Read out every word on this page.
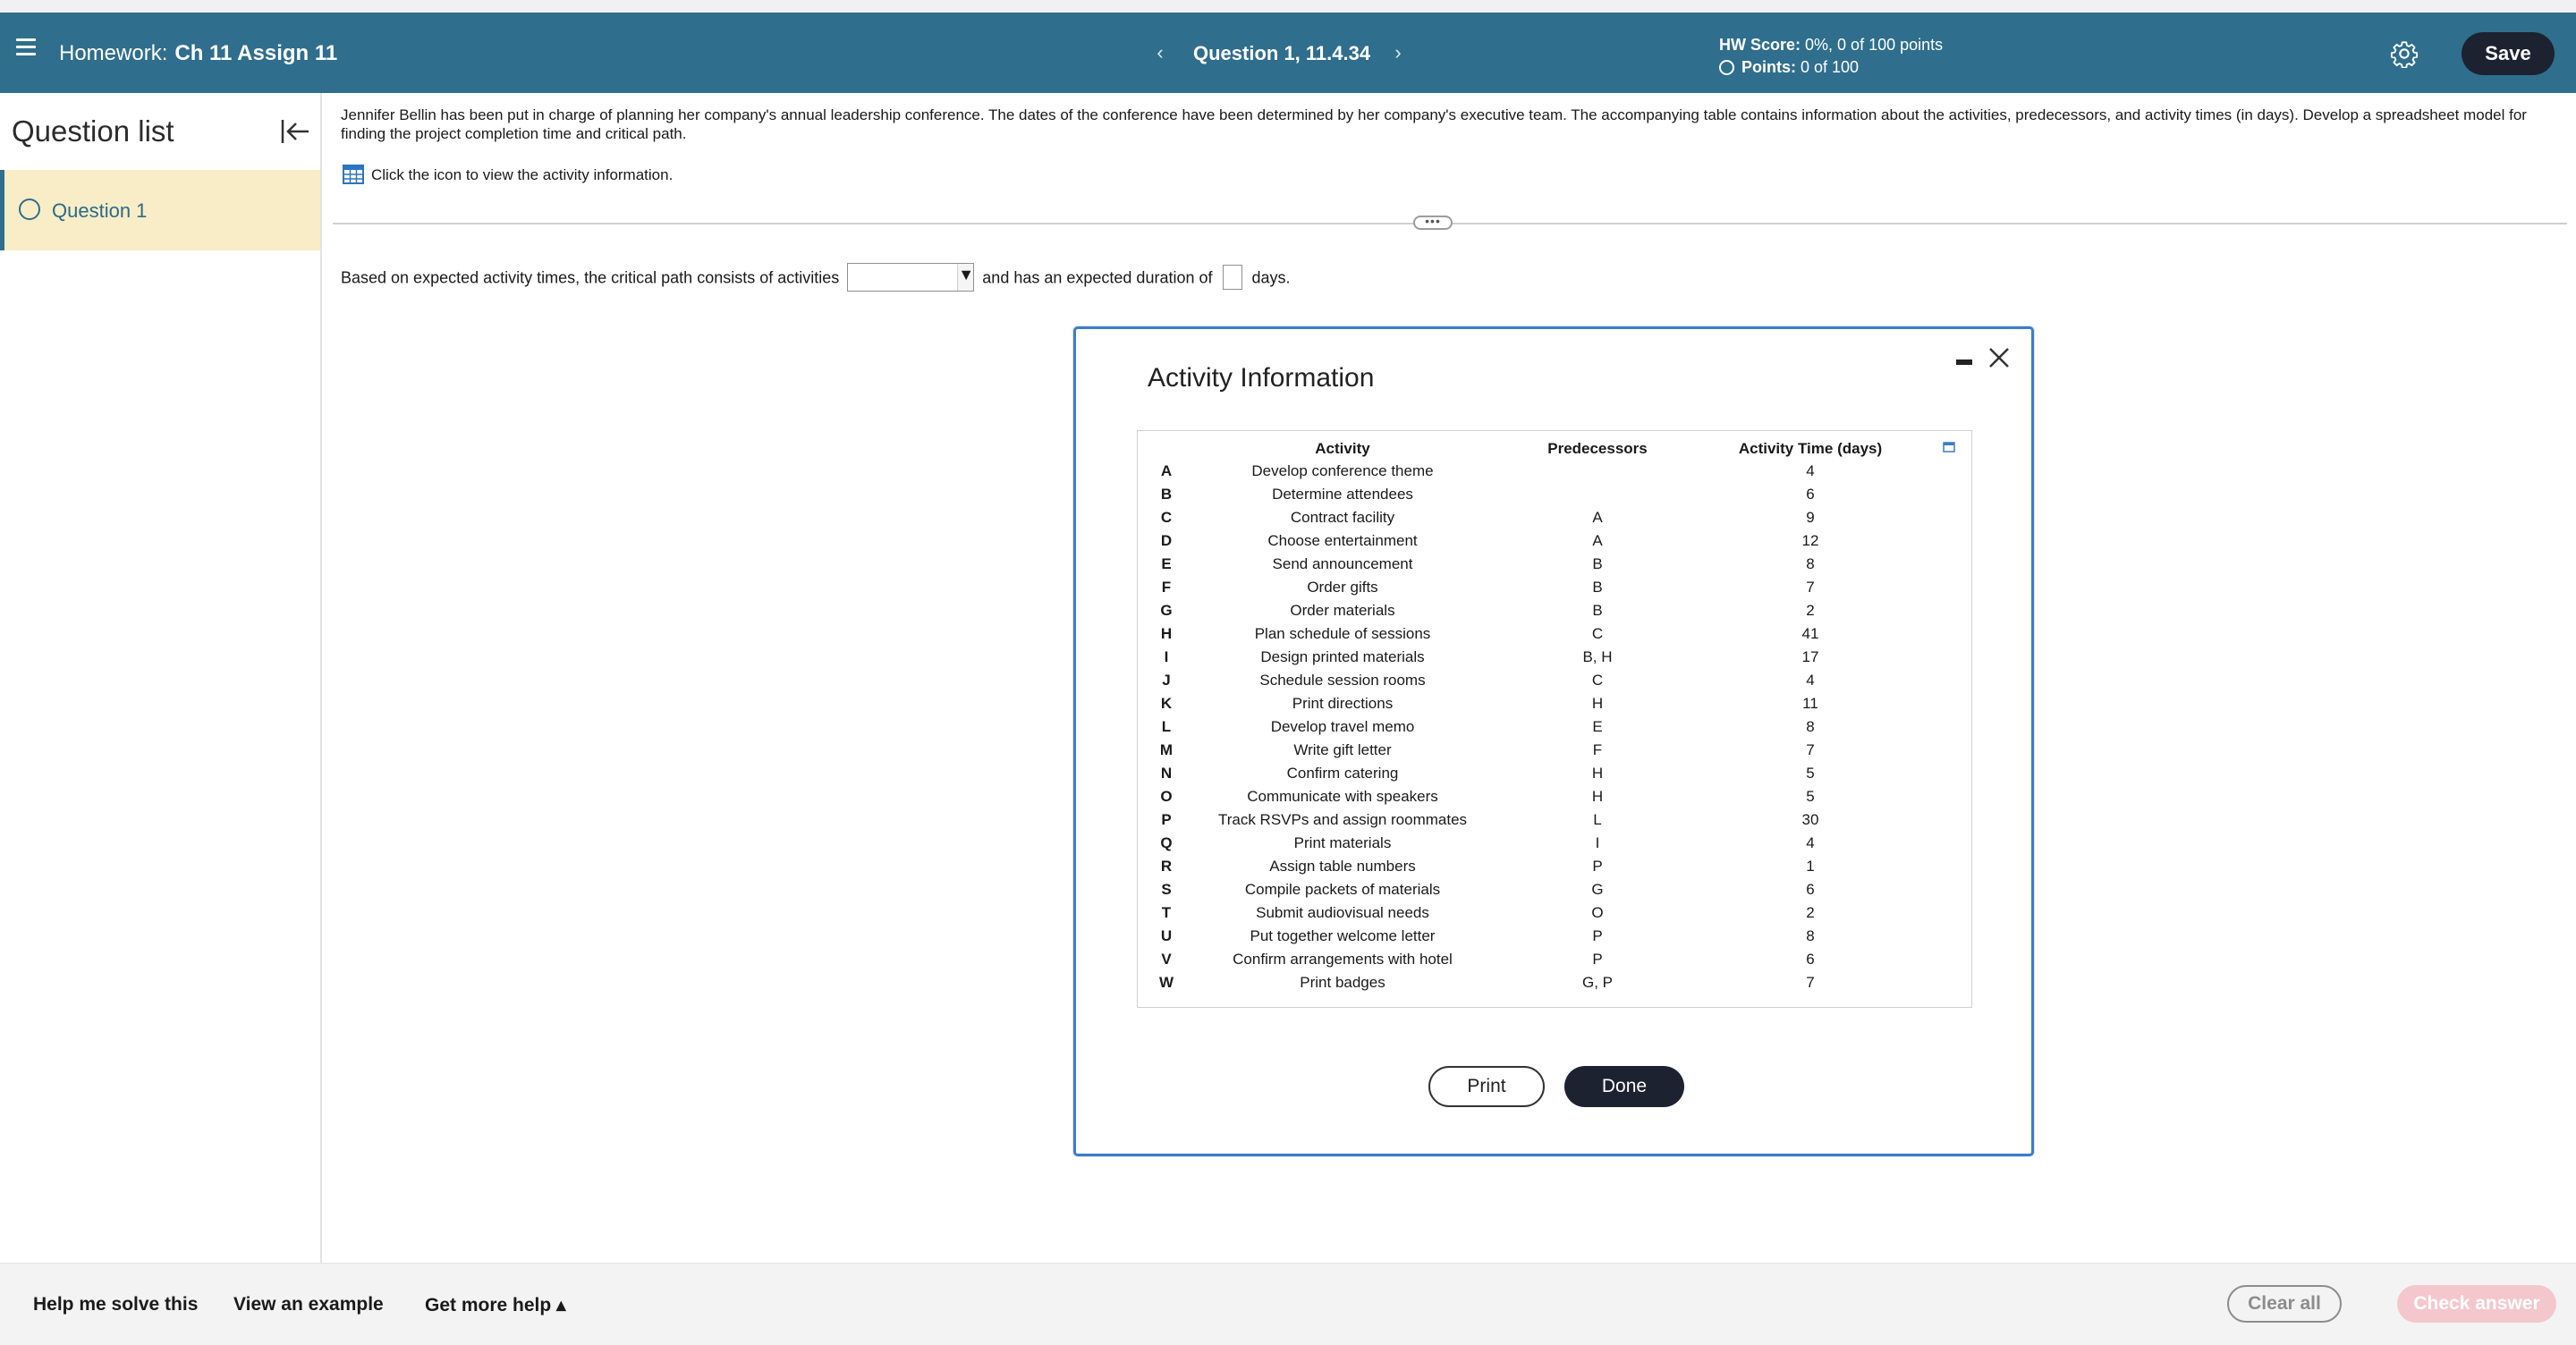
Homework: Ch 11 Assign 11	‹	Question 1, 11.4.34	›	HW Score: 0%, 0 of 100 points
Points: 0 of 100
Save
Question list
Question 1
Jennifer Bellin has been put in charge of planning her company's annual leadership conference. The dates of the conference have been determined by her company's executive team. The accompanying table contains information about the activities, predecessors, and activity times (in days). Develop a spreadsheet model for finding the project completion time and critical path.
Click the icon to view the activity information.
•••
Based on expected activity times, the critical path consists of activities	▼ and has an expected duration of days.
Activity Information
	Activity	Predecessors	Activity Time (days)
A	Develop conference theme		4
B	Determine attendees		6
C	Contract facility	A	9
D	Choose entertainment	A	12
E	Send announcement	B	8
F	Order gifts	B	7
G	Order materials	B	2
H	Plan schedule of sessions	C	41
I	Design printed materials	B, H	17
J	Schedule session rooms	C	4
K	Print directions	H	11
L	Develop travel memo	E	8
M	Write gift letter	F	7
N	Confirm catering	H	5
O	Communicate with speakers	H	5
P	Track RSVPs and assign roommates	L	30
Q	Print materials	I	4
R	Assign table numbers	P	1
S	Compile packets of materials	G	6
T	Submit audiovisual needs	O	2
U	Put together welcome letter	P	8
V	Confirm arrangements with hotel	P	6
W	Print badges	G, P	7
Print	Done
Help me solve this View an example Get more help ▴	Clear all	Check answer
